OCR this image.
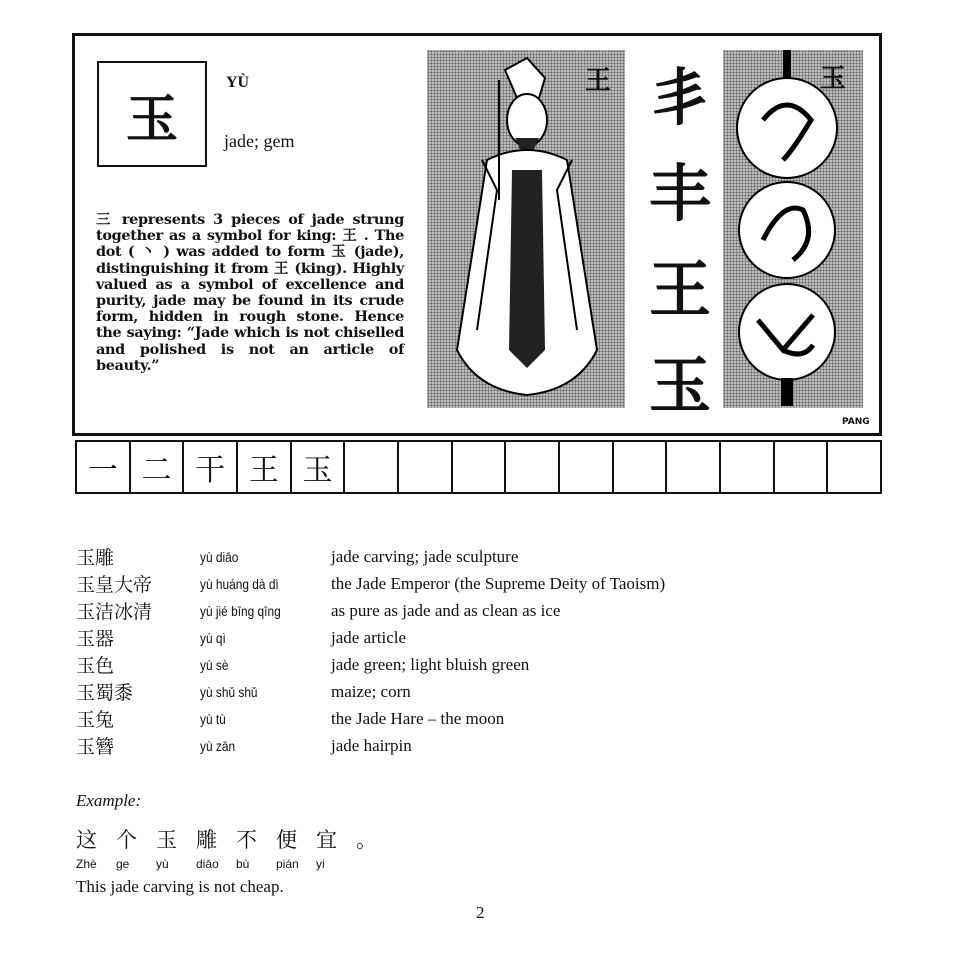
玉
YÙ
jade; gem
三 represents 3 pieces of jade strung together as a symbol for king: 王 . The dot ( 丶 ) was added to form 玉 (jade), distinguishing it from 王 (king). Highly valued as a symbol of excellence and purity, jade may be found in its crude form, hidden in rough stone. Hence the saying: “Jade which is not chiselled and polished is not an article of beauty.”
王 丯
丰
王
玉
玉
PANG
一 二 干 王 玉
玉雕	yù diāo	jade carving; jade sculpture
玉皇大帝	yù huáng dà dì	the Jade Emperor (the Supreme Deity of Taoism)
玉洁冰清	yù jié bīng qīng	as pure as jade and as clean as ice
玉器	yù qì	jade article
玉色	yù sè	jade green; light bluish green
玉蜀黍	yù shǔ shǔ	maize; corn
玉兔	yù tù	the Jade Hare – the moon
玉簪	yù zān	jade hairpin
Example:
这 个 玉 雕 不 便 宜 。
Zhè	ge	yù	diāo	bù	pián	yi
This jade carving is not cheap.
2
